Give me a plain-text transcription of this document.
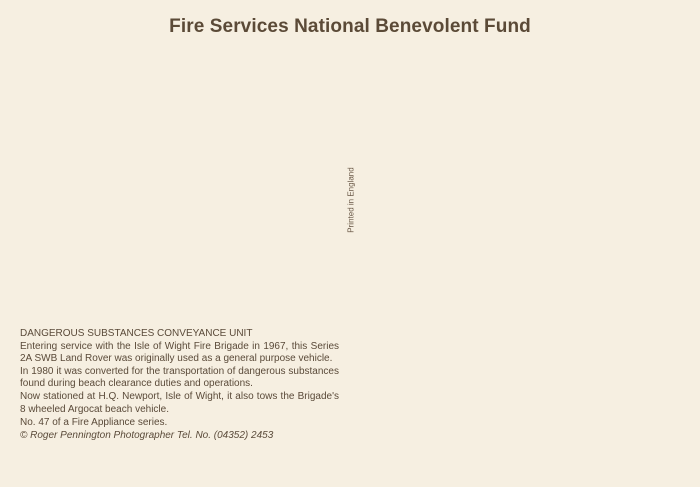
Fire Services National Benevolent Fund
Printed in England

DANGEROUS SUBSTANCES CONVEYANCE UNIT

Entering service with the Isle of Wight Fire Brigade in 1967, this Series 2A SWB Land Rover was originally used as a general purpose vehicle.

In 1980 it was converted for the transportation of dangerous substances found during beach clearance duties and operations.

Now stationed at H.Q. Newport, Isle of Wight, it also tows the Brigade's 8 wheeled Argocat beach vehicle.

No. 47 of a Fire Appliance series.

© Roger Pennington Photographer Tel. No. (04352) 2453
